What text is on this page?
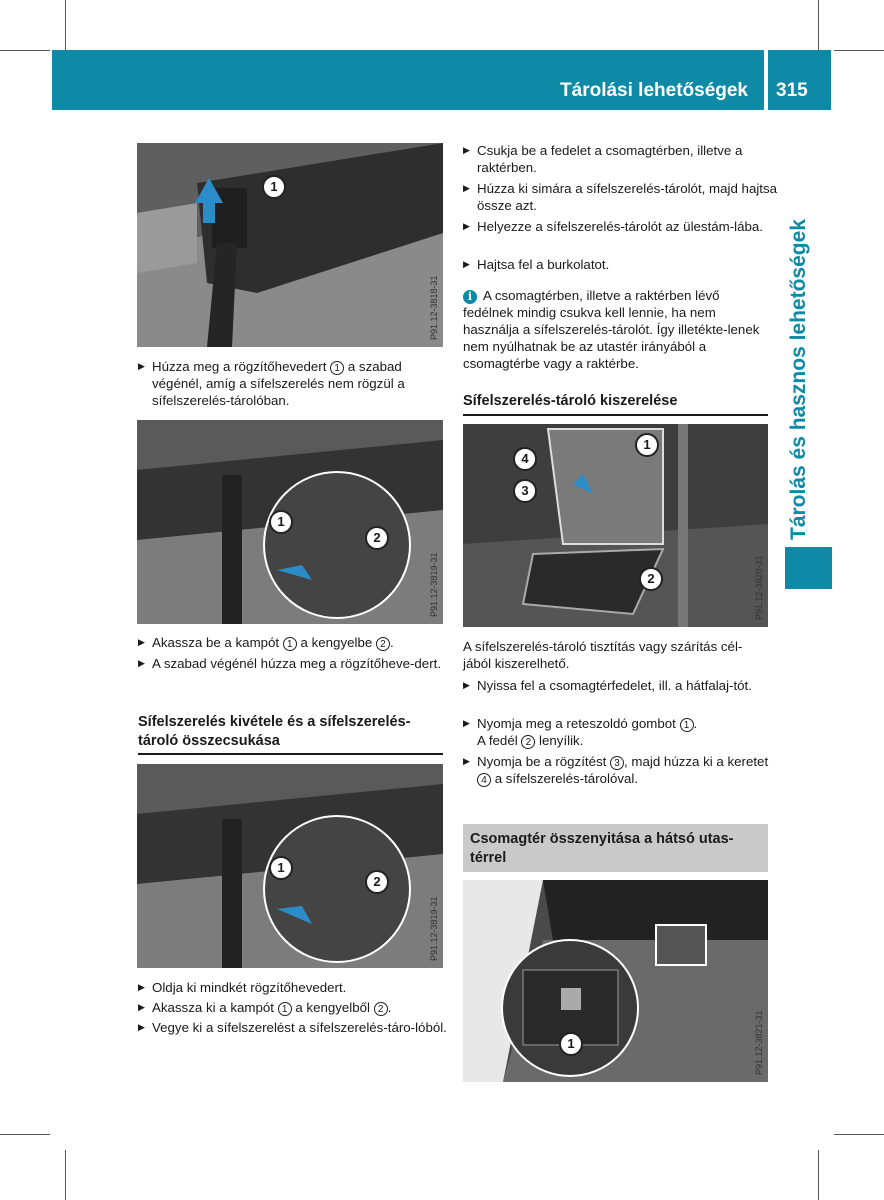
Tárolási lehetőségek 315
Tárolás és hasznos lehetőségek
1
P91.12-3818-31
▶ Húzza meg a rögzítőhevedert 1 a szabad végénél, amíg a sífelszerelés nem rögzül a sífelszerelés-tárolóban.
1
2
P91.12-3819-31
▶ Akassza be a kampót 1 a kengyelbe 2 .
▶ A szabad végénél húzza meg a rögzítőheve-dert.
Sífelszerelés kivétele és a sífelszerelés-tároló összecsukása
1
2
P91.12-3819-31
▶ Oldja ki mindkét rögzítőhevedert.
▶ Akassza ki a kampót 1 a kengyelből 2 .
▶ Vegye ki a sífelszerelést a sífelszerelés-táro-lóból.
▶ Csukja be a fedelet a csomagtérben, illetve a raktérben.
▶ Húzza ki simára a sífelszerelés-tárolót, majd hajtsa össze azt.
▶ Helyezze a sífelszerelés-tárolót az ülestám-lába.
▶ Hajtsa fel a burkolatot.
i A csomagtérben, illetve a raktérben lévő fedélnek mindig csukva kell lennie, ha nem használja a sífelszerelés-tárolót. Így illetékte-lenek nem nyúlhatnak be az utastér irányából a csomagtérbe vagy a raktérbe.
Sífelszerelés-tároló kiszerelése
1
4
3
2	P91.12-3820-31
A sífelszerelés-tároló tisztítás vagy szárítás cél-jából kiszerelhető.
▶ Nyissa fel a csomagtérfedelet, ill. a hátfalaj-tót.
▶ Nyomja meg a reteszoldó gombot 1 .
A fedél 2 lenyílik.
▶ Nyomja be a rögzítést 3 , majd húzza ki a keretet 4 a sífelszerelés-tárolóval.
Csomagtér összenyitása a hátsó utas-térrel
1	P91.12-3821-31
